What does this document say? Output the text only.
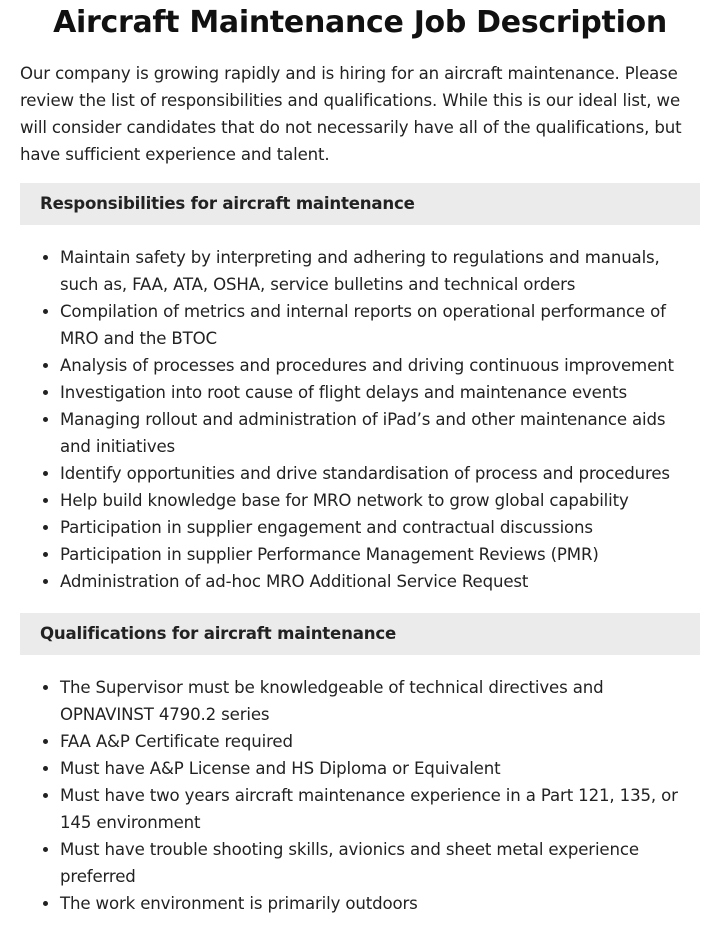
Aircraft Maintenance Job Description

Our company is growing rapidly and is hiring for an aircraft maintenance. Please review the list of responsibilities and qualifications. While this is our ideal list, we will consider candidates that do not necessarily have all of the qualifications, but have sufficient experience and talent.

Responsibilities for aircraft maintenance
Maintain safety by interpreting and adhering to regulations and manuals, such as, FAA, ATA, OSHA, service bulletins and technical orders
Compilation of metrics and internal reports on operational performance of MRO and the BTOC
Analysis of processes and procedures and driving continuous improvement
Investigation into root cause of flight delays and maintenance events
Managing rollout and administration of iPad’s and other maintenance aids and initiatives
Identify opportunities and drive standardisation of process and procedures
Help build knowledge base for MRO network to grow global capability
Participation in supplier engagement and contractual discussions
Participation in supplier Performance Management Reviews (PMR)
Administration of ad-hoc MRO Additional Service Request
Qualifications for aircraft maintenance
The Supervisor must be knowledgeable of technical directives and OPNAVINST 4790.2 series
FAA A&P Certificate required
Must have A&P License and HS Diploma or Equivalent
Must have two years aircraft maintenance experience in a Part 121, 135, or 145 environment
Must have trouble shooting skills, avionics and sheet metal experience preferred
The work environment is primarily outdoors
